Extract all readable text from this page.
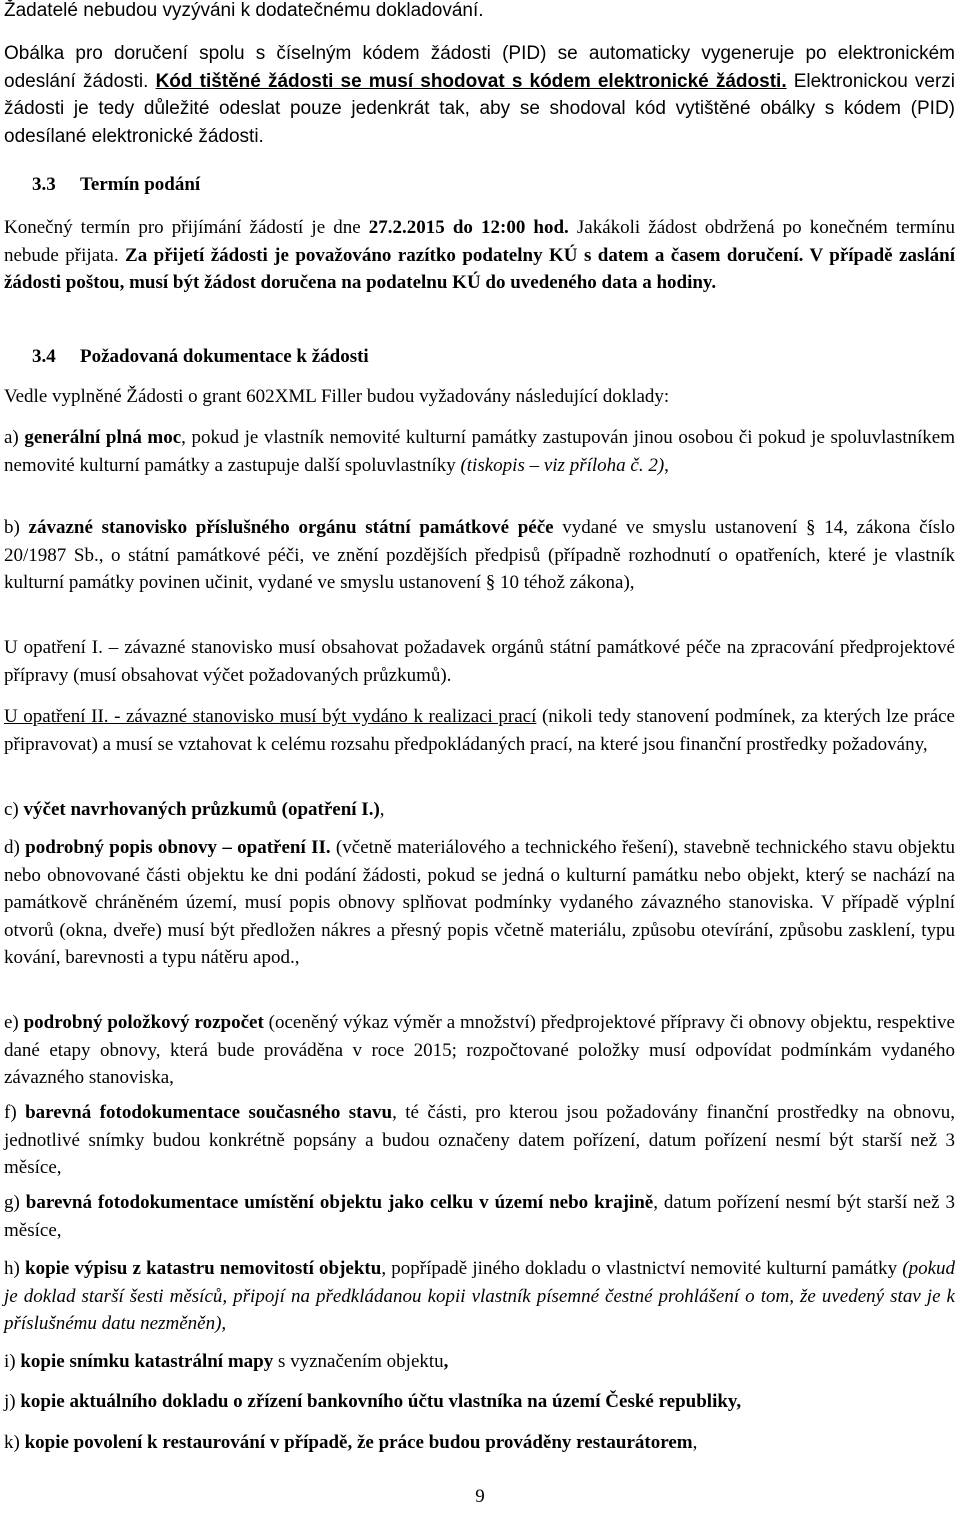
Žadatelé nebudou vyzýváni k dodatečnému dokladování.

Obálka pro doručení spolu s číselným kódem žádosti (PID) se automaticky vygeneruje po elektronickém odeslání žádosti. Kód tištěné žádosti se musí shodovat s kódem elektronické žádosti. Elektronickou verzi žádosti je tedy důležité odeslat pouze jedenkrát tak, aby se shodoval kód vytištěné obálky s kódem (PID) odesílané elektronické žádosti.

3.3 Termín podání

Konečný termín pro přijímání žádostí je dne 27.2.2015 do 12:00 hod. Jakákoli žádost obdržená po konečném termínu nebude přijata. Za přijetí žádosti je považováno razítko podatelny KÚ s datem a časem doručení. V případě zaslání žádosti poštou, musí být žádost doručena na podatelnu KÚ do uvedeného data a hodiny.

3.4 Požadovaná dokumentace k žádosti

Vedle vyplněné Žádosti o grant 602XML Filler budou vyžadovány následující doklady:

a) generální plná moc, pokud je vlastník nemovité kulturní památky zastupován jinou osobou či pokud je spoluvlastníkem nemovité kulturní památky a zastupuje další spoluvlastníky (tiskopis – viz příloha č. 2),

b) závazné stanovisko příslušného orgánu státní památkové péče vydané ve smyslu ustanovení § 14, zákona číslo 20/1987 Sb., o státní památkové péči, ve znění pozdějších předpisů (případně rozhodnutí o opatřeních, které je vlastník kulturní památky povinen učinit, vydané ve smyslu ustanovení § 10 téhož zákona),

U opatření I. – závazné stanovisko musí obsahovat požadavek orgánů státní památkové péče na zpracování předprojektové přípravy (musí obsahovat výčet požadovaných průzkumů).

U opatření II. - závazné stanovisko musí být vydáno k realizaci prací (nikoli tedy stanovení podmínek, za kterých lze práce připravovat) a musí se vztahovat k celému rozsahu předpokládaných prací, na které jsou finanční prostředky požadovány,

c) výčet navrhovaných průzkumů (opatření I.),

d) podrobný popis obnovy – opatření II. (včetně materiálového a technického řešení), stavebně technického stavu objektu nebo obnovované části objektu ke dni podání žádosti, pokud se jedná o kulturní památku nebo objekt, který se nachází na památkově chráněném území, musí popis obnovy splňovat podmínky vydaného závazného stanoviska. V případě výplní otvorů (okna, dveře) musí být předložen nákres a přesný popis včetně materiálu, způsobu otevírání, způsobu zasklení, typu kování, barevnosti a typu nátěru apod.,

e) podrobný položkový rozpočet (oceněný výkaz výměr a množství) předprojektové přípravy či obnovy objektu, respektive dané etapy obnovy, která bude prováděna v roce 2015; rozpočtované položky musí odpovídat podmínkám vydaného závazného stanoviska,

f) barevná fotodokumentace současného stavu, té části, pro kterou jsou požadovány finanční prostředky na obnovu, jednotlivé snímky budou konkrétně popsány a budou označeny datem pořízení, datum pořízení nesmí být starší než 3 měsíce,

g) barevná fotodokumentace umístění objektu jako celku v území nebo krajině, datum pořízení nesmí být starší než 3 měsíce,

h) kopie výpisu z katastru nemovitostí objektu, popřípadě jiného dokladu o vlastnictví nemovité kulturní památky (pokud je doklad starší šesti měsíců, připojí na předkládanou kopii vlastník písemné čestné prohlášení o tom, že uvedený stav je k příslušnému datu nezměněn),

i) kopie snímku katastrální mapy s vyznačením objektu,

j) kopie aktuálního dokladu o zřízení bankovního účtu vlastníka na území České republiky,

k) kopie povolení k restaurování v případě, že práce budou prováděny restaurátorem,

9
